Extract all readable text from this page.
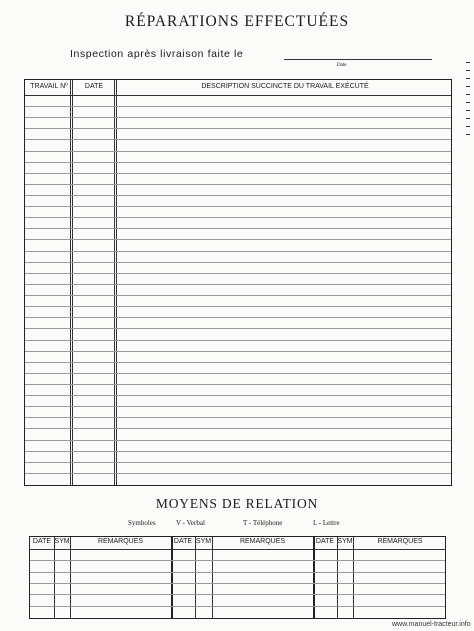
RÉPARATIONS EFFECTUÉES
Inspection après livraison faite le
Date
TRAVAIL Nº	DATE	DESCRIPTION SUCCINCTE DU TRAVAIL EXÉCUTÉ
MOYENS DE RELATION
Symboles	V - Verbal	T - Téléphone	L - Lettre
DATE SYM	REMARQUES	DATE SYM	REMARQUES	DATE SYM	REMARQUES
www.manuel-tracteur.info
